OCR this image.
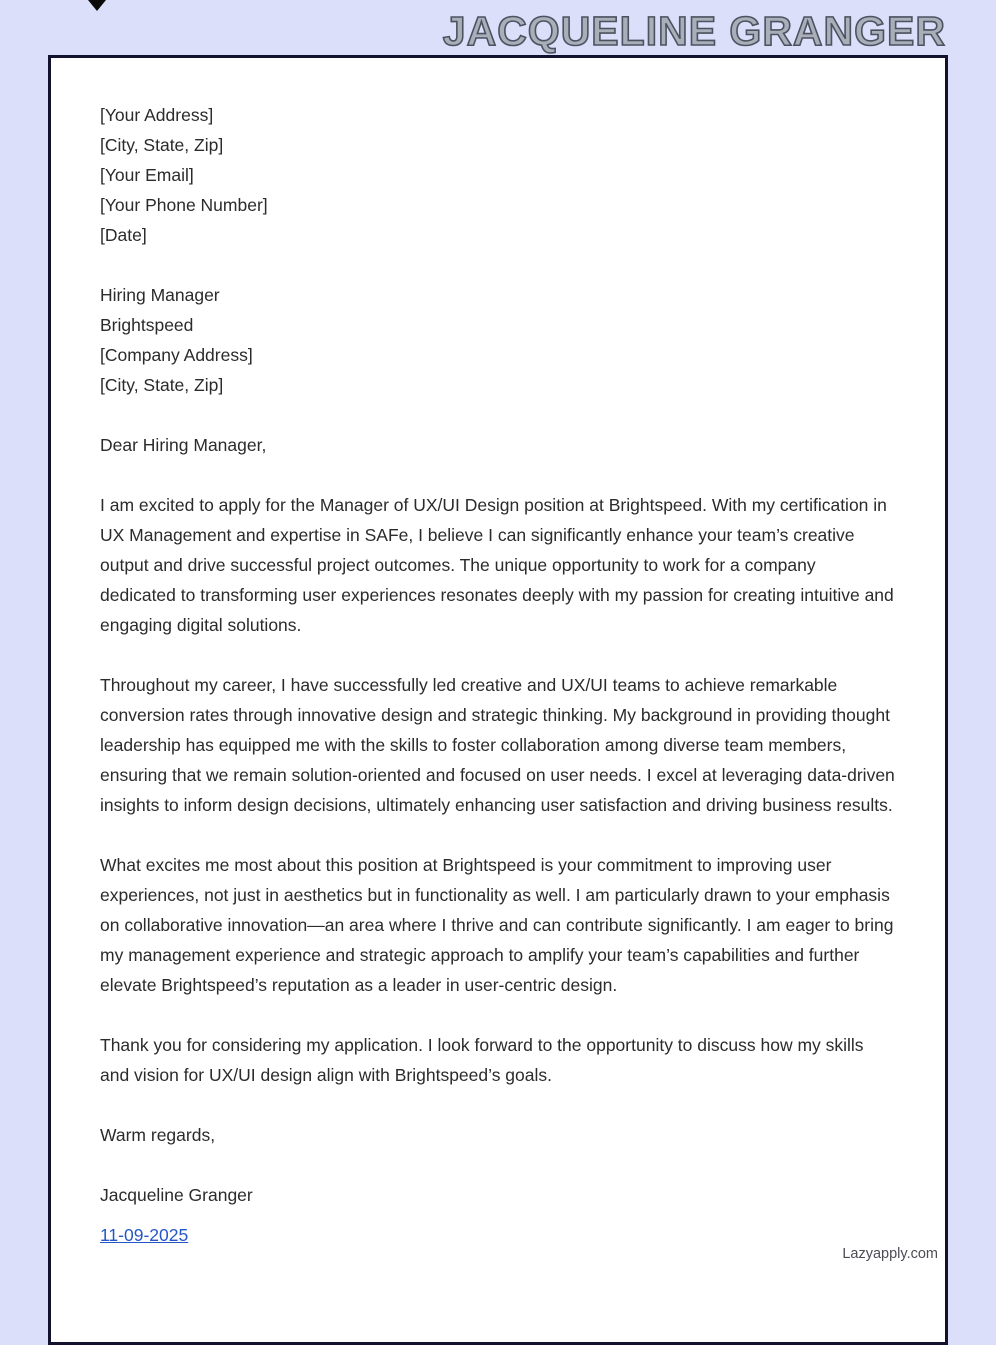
JACQUELINE GRANGER
[Your Address]
[City, State, Zip]
[Your Email]
[Your Phone Number]
[Date]
Hiring Manager
Brightspeed
[Company Address]
[City, State, Zip]
Dear Hiring Manager,

I am excited to apply for the Manager of UX/UI Design position at Brightspeed. With my certification in UX Management and expertise in SAFe, I believe I can significantly enhance your team’s creative output and drive successful project outcomes. The unique opportunity to work for a company dedicated to transforming user experiences resonates deeply with my passion for creating intuitive and engaging digital solutions.

Throughout my career, I have successfully led creative and UX/UI teams to achieve remarkable conversion rates through innovative design and strategic thinking. My background in providing thought leadership has equipped me with the skills to foster collaboration among diverse team members, ensuring that we remain solution-oriented and focused on user needs. I excel at leveraging data-driven insights to inform design decisions, ultimately enhancing user satisfaction and driving business results.

What excites me most about this position at Brightspeed is your commitment to improving user experiences, not just in aesthetics but in functionality as well. I am particularly drawn to your emphasis on collaborative innovation—an area where I thrive and can contribute significantly. I am eager to bring my management experience and strategic approach to amplify your team’s capabilities and further elevate Brightspeed’s reputation as a leader in user-centric design.

Thank you for considering my application. I look forward to the opportunity to discuss how my skills and vision for UX/UI design align with Brightspeed’s goals.

Warm regards,
Jacqueline Granger
11-09-2025
Lazyapply.com
